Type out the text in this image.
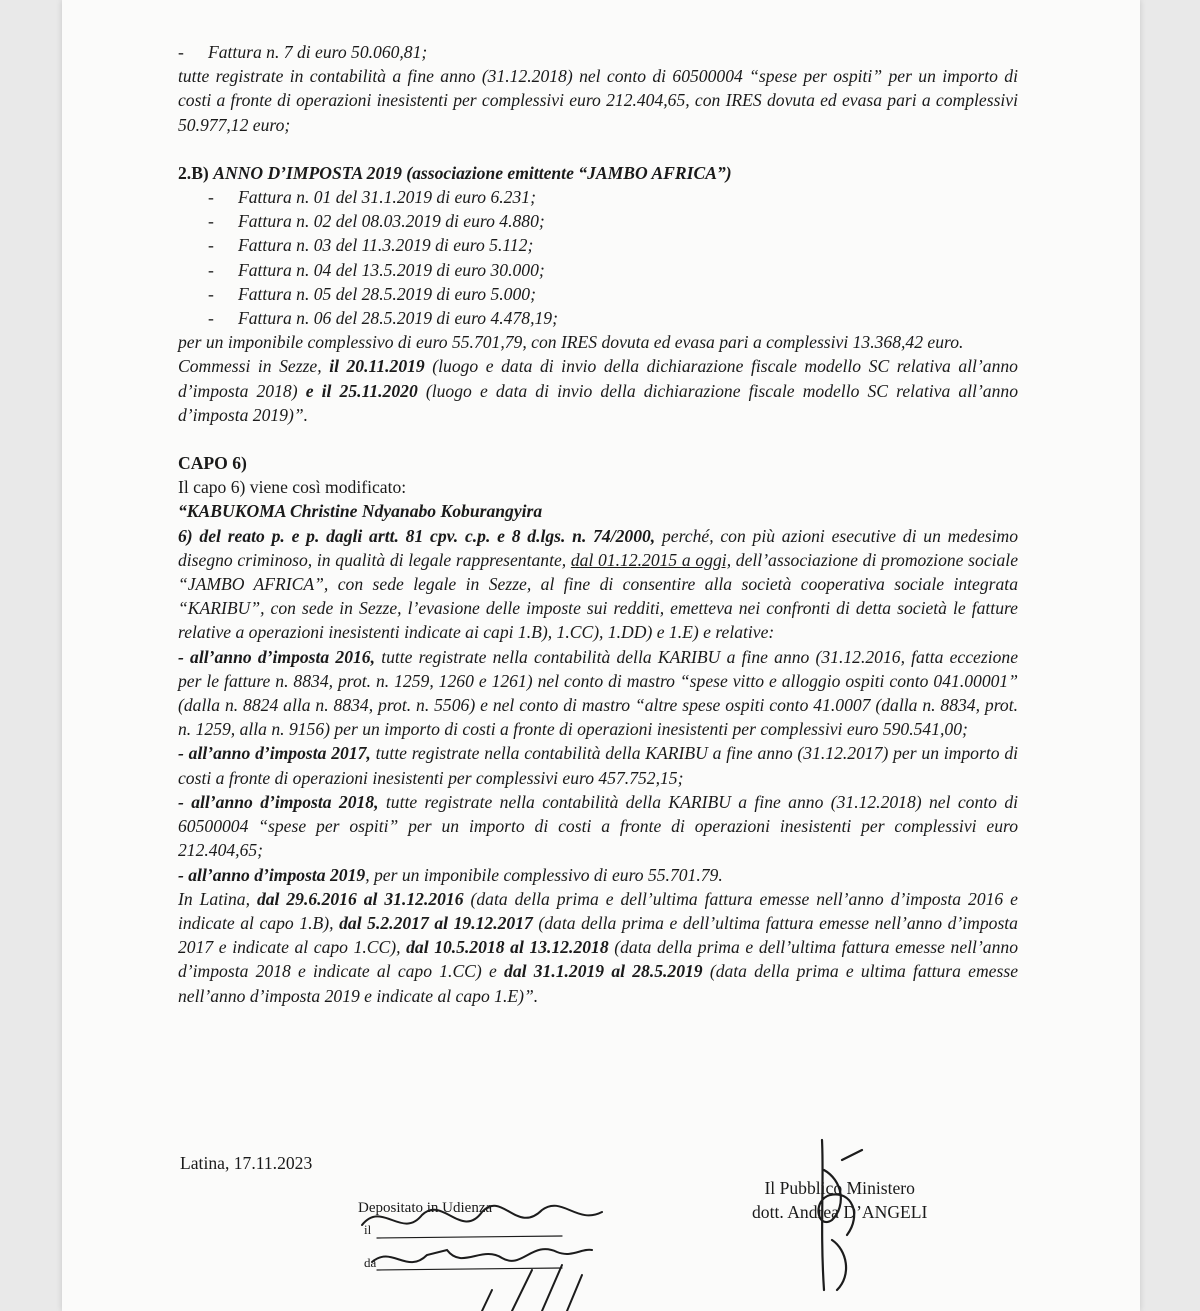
- Fattura n. 7 di euro 50.060,81;
tutte registrate in contabilità a fine anno (31.12.2018) nel conto di 60500004 “spese per ospiti” per un importo di costi a fronte di operazioni inesistenti per complessivi euro 212.404,65, con IRES dovuta ed evasa pari a complessivi 50.977,12 euro;
2.B) ANNO D’IMPOSTA 2019 (associazione emittente “JAMBO AFRICA”)
- Fattura n. 01 del 31.1.2019 di euro 6.231;
- Fattura n. 02 del 08.03.2019 di euro 4.880;
- Fattura n. 03 del 11.3.2019 di euro 5.112;
- Fattura n. 04 del 13.5.2019 di euro 30.000;
- Fattura n. 05 del 28.5.2019 di euro 5.000;
- Fattura n. 06 del 28.5.2019 di euro 4.478,19;
per un imponibile complessivo di euro 55.701,79, con IRES dovuta ed evasa pari a complessivi 13.368,42 euro.
Commessi in Sezze, il 20.11.2019 (luogo e data di invio della dichiarazione fiscale modello SC relativa all’anno d’imposta 2018) e il 25.11.2020 (luogo e data di invio della dichiarazione fiscale modello SC relativa all’anno d’imposta 2019)”.
CAPO 6)
Il capo 6) viene così modificato:
“KABUKOMA Christine Ndyanabo Koburangyira
6) del reato p. e p. dagli artt. 81 cpv. c.p. e 8 d.lgs. n. 74/2000, perché, con più azioni esecutive di un medesimo disegno criminoso, in qualità di legale rappresentante, dal 01.12.2015 a oggi, dell’associazione di promozione sociale “JAMBO AFRICA”, con sede legale in Sezze, al fine di consentire alla società cooperativa sociale integrata “KARIBU”, con sede in Sezze, l’evasione delle imposte sui redditi, emetteva nei confronti di detta società le fatture relative a operazioni inesistenti indicate ai capi 1.B), 1.CC), 1.DD) e 1.E) e relative:
- all’anno d’imposta 2016, tutte registrate nella contabilità della KARIBU a fine anno (31.12.2016, fatta eccezione per le fatture n. 8834, prot. n. 1259, 1260 e 1261) nel conto di mastro “spese vitto e alloggio ospiti conto 041.00001” (dalla n. 8824 alla n. 8834, prot. n. 5506) e nel conto di mastro “altre spese ospiti conto 41.0007 (dalla n. 8834, prot. n. 1259, alla n. 9156) per un importo di costi a fronte di operazioni inesistenti per complessivi euro 590.541,00;
- all’anno d’imposta 2017, tutte registrate nella contabilità della KARIBU a fine anno (31.12.2017) per un importo di costi a fronte di operazioni inesistenti per complessivi euro 457.752,15;
- all’anno d’imposta 2018, tutte registrate nella contabilità della KARIBU a fine anno (31.12.2018) nel conto di 60500004 “spese per ospiti” per un importo di costi a fronte di operazioni inesistenti per complessivi euro 212.404,65;
- all’anno d’imposta 2019, per un imponibile complessivo di euro 55.701.79.
In Latina, dal 29.6.2016 al 31.12.2016 (data della prima e dell’ultima fattura emesse nell’anno d’imposta 2016 e indicate al capo 1.B), dal 5.2.2017 al 19.12.2017 (data della prima e dell’ultima fattura emesse nell’anno d’imposta 2017 e indicate al capo 1.CC), dal 10.5.2018 al 13.12.2018 (data della prima e dell’ultima fattura emesse nell’anno d’imposta 2018 e indicate al capo 1.CC) e dal 31.1.2019 al 28.5.2019 (data della prima e ultima fattura emesse nell’anno d’imposta 2019 e indicate al capo 1.E)”.
Latina, 17.11.2023
Il Pubblico Ministero
dott. Andrea D’ANGELI
Depositato in Udienza
il
da
